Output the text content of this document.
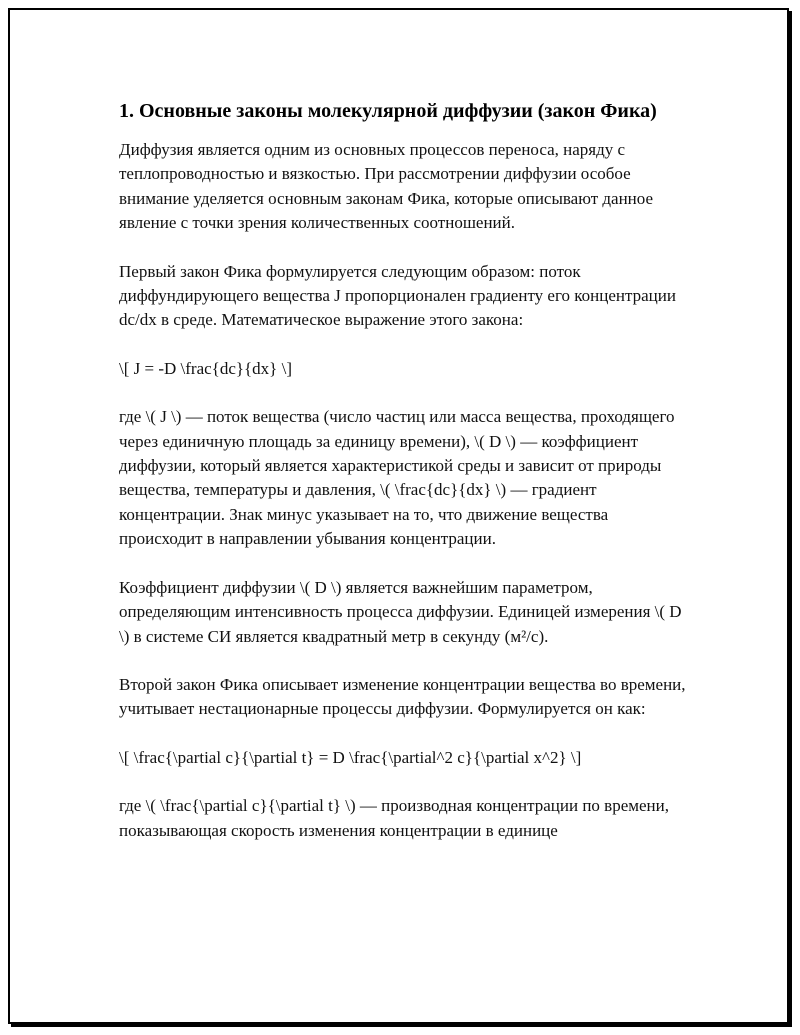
1. Основные законы молекулярной диффузии (закон Фика)

Диффузия является одним из основных процессов переноса, наряду с теплопроводностью и вязкостью. При рассмотрении диффузии особое внимание уделяется основным законам Фика, которые описывают данное явление с точки зрения количественных соотношений.

Первый закон Фика формулируется следующим образом: поток диффундирующего вещества J пропорционален градиенту его концентрации dc/dx в среде. Математическое выражение этого закона:

\[ J = -D \frac{dc}{dx} \]

где \( J \) — поток вещества (число частиц или масса вещества, проходящего через единичную площадь за единицу времени), \( D \) — коэффициент диффузии, который является характеристикой среды и зависит от природы вещества, температуры и давления, \( \frac{dc}{dx} \) — градиент концентрации. Знак минус указывает на то, что движение вещества происходит в направлении убывания концентрации.

Коэффициент диффузии \( D \) является важнейшим параметром, определяющим интенсивность процесса диффузии. Единицей измерения \( D \) в системе СИ является квадратный метр в секунду (м²/с).

Второй закон Фика описывает изменение концентрации вещества во времени, учитывает нестационарные процессы диффузии. Формулируется он как:

\[ \frac{\partial c}{\partial t} = D \frac{\partial^2 c}{\partial x^2} \]

где \( \frac{\partial c}{\partial t} \) — производная концентрации по времени, показывающая скорость изменения концентрации в единице
